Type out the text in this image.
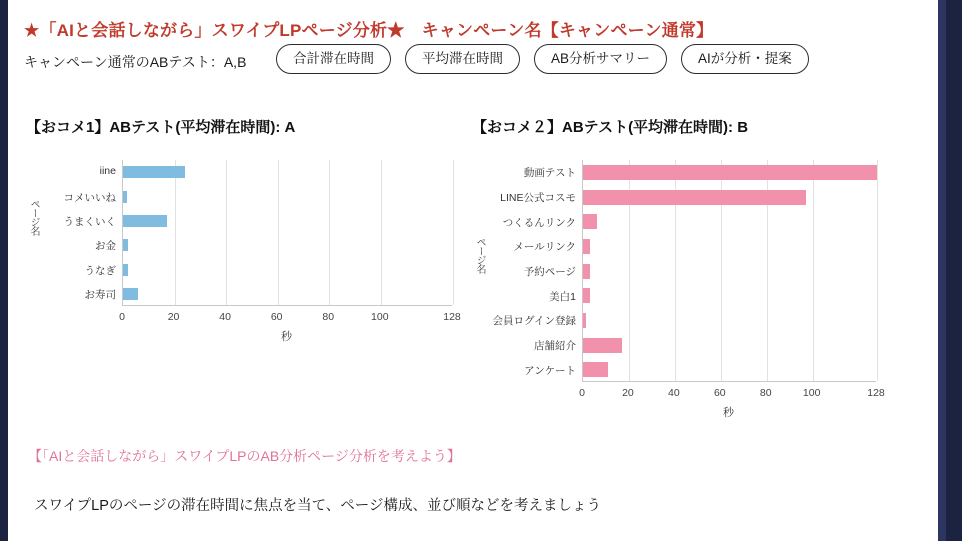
★「AIと会話しながら」スワイプLPページ分析★　キャンペーン名【キャンペーン通常】
キャンペーン通常のABテスト：A,B	合計滞在時間	平均滞在時間	AB分析サマリー	AIが分析・提案
【おコメ1】ABテスト(平均滞在時間): A
ページ名
iine
コメいいね
うまくいく
お金
うなぎ
お寿司
0	20	40	60	80	100	128
秒
【おコメ２】ABテスト(平均滞在時間): B
ページ名
動画テスト
LINE公式コスモ
つくるんリンク
メールリンク
予約ページ
美白1
会員ログイン登録
店舗紹介
アンケート
0	20	40	60	80	100	128
秒
【「AIと会話しながら」スワイプLPのAB分析ページ分析を考えよう】
スワイプLPのページの滞在時間に焦点を当て、ページ構成、並び順などを考えましょう
